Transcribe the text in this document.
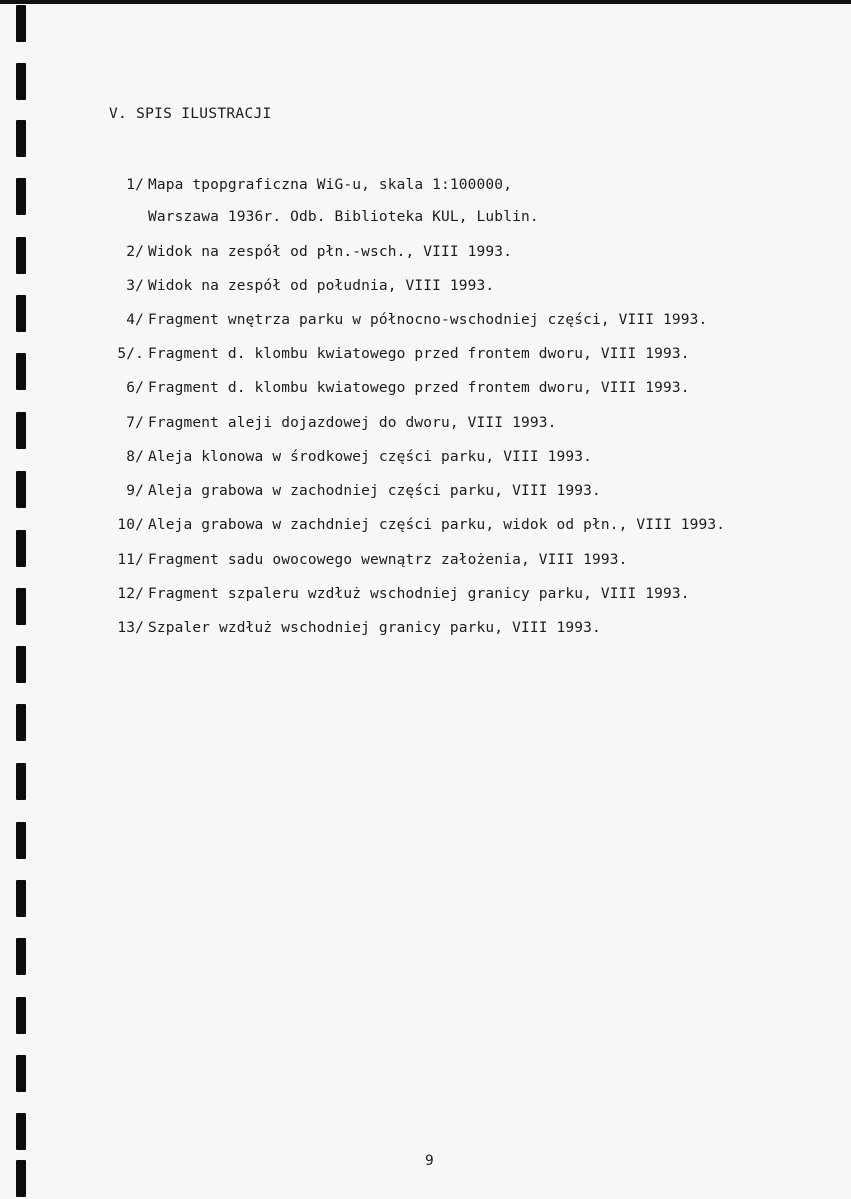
V. SPIS ILUSTRACJI
1/ Mapa tpopgraficzna WiG-u, skala 1:100000,
Warszawa 1936r. Odb. Biblioteka KUL, Lublin.
2/ Widok na zespół od płn.-wsch., VIII 1993.
3/ Widok na zespół od południa, VIII 1993.
4/ Fragment wnętrza parku w północno-wschodniej części, VIII 1993.
5/. Fragment d. klombu kwiatowego przed frontem dworu, VIII 1993.
6/ Fragment d. klombu kwiatowego przed frontem dworu, VIII 1993.
7/ Fragment aleji dojazdowej do dworu, VIII 1993.
8/ Aleja klonowa w środkowej części parku, VIII 1993.
9/ Aleja grabowa w zachodniej części parku, VIII 1993.
10/ Aleja grabowa w zachdniej części parku, widok od płn., VIII 1993.
11/ Fragment sadu owocowego wewnątrz założenia, VIII 1993.
12/ Fragment szpaleru wzdłuż wschodniej granicy parku, VIII 1993.
13/ Szpaler wzdłuż wschodniej granicy parku, VIII 1993.
9
